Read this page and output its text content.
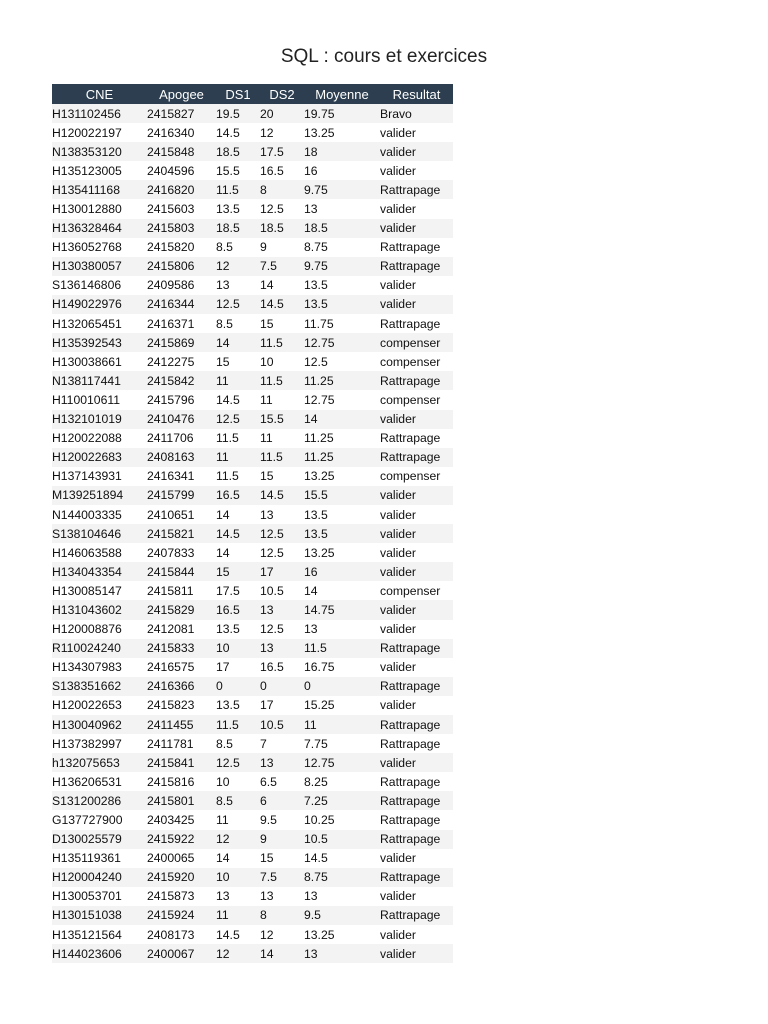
SQL : cours et exercices
CNE	Apogee	DS1	DS2	Moyenne	Resultat
H131102456	2415827	19.5	20	19.75	Bravo
H120022197	2416340	14.5	12	13.25	valider
N138353120	2415848	18.5	17.5	18	valider
H135123005	2404596	15.5	16.5	16	valider
H135411168	2416820	11.5	8	9.75	Rattrapage
H130012880	2415603	13.5	12.5	13	valider
H136328464	2415803	18.5	18.5	18.5	valider
H136052768	2415820	8.5	9	8.75	Rattrapage
H130380057	2415806	12	7.5	9.75	Rattrapage
S136146806	2409586	13	14	13.5	valider
H149022976	2416344	12.5	14.5	13.5	valider
H132065451	2416371	8.5	15	11.75	Rattrapage
H135392543	2415869	14	11.5	12.75	compenser
H130038661	2412275	15	10	12.5	compenser
N138117441	2415842	11	11.5	11.25	Rattrapage
H110010611	2415796	14.5	11	12.75	compenser
H132101019	2410476	12.5	15.5	14	valider
H120022088	2411706	11.5	11	11.25	Rattrapage
H120022683	2408163	11	11.5	11.25	Rattrapage
H137143931	2416341	11.5	15	13.25	compenser
M139251894	2415799	16.5	14.5	15.5	valider
N144003335	2410651	14	13	13.5	valider
S138104646	2415821	14.5	12.5	13.5	valider
H146063588	2407833	14	12.5	13.25	valider
H134043354	2415844	15	17	16	valider
H130085147	2415811	17.5	10.5	14	compenser
H131043602	2415829	16.5	13	14.75	valider
H120008876	2412081	13.5	12.5	13	valider
R110024240	2415833	10	13	11.5	Rattrapage
H134307983	2416575	17	16.5	16.75	valider
S138351662	2416366	0	0	0	Rattrapage
H120022653	2415823	13.5	17	15.25	valider
H130040962	2411455	11.5	10.5	11	Rattrapage
H137382997	2411781	8.5	7	7.75	Rattrapage
h132075653	2415841	12.5	13	12.75	valider
H136206531	2415816	10	6.5	8.25	Rattrapage
S131200286	2415801	8.5	6	7.25	Rattrapage
G137727900	2403425	11	9.5	10.25	Rattrapage
D130025579	2415922	12	9	10.5	Rattrapage
H135119361	2400065	14	15	14.5	valider
H120004240	2415920	10	7.5	8.75	Rattrapage
H130053701	2415873	13	13	13	valider
H130151038	2415924	11	8	9.5	Rattrapage
H135121564	2408173	14.5	12	13.25	valider
H144023606	2400067	12	14	13	valider
